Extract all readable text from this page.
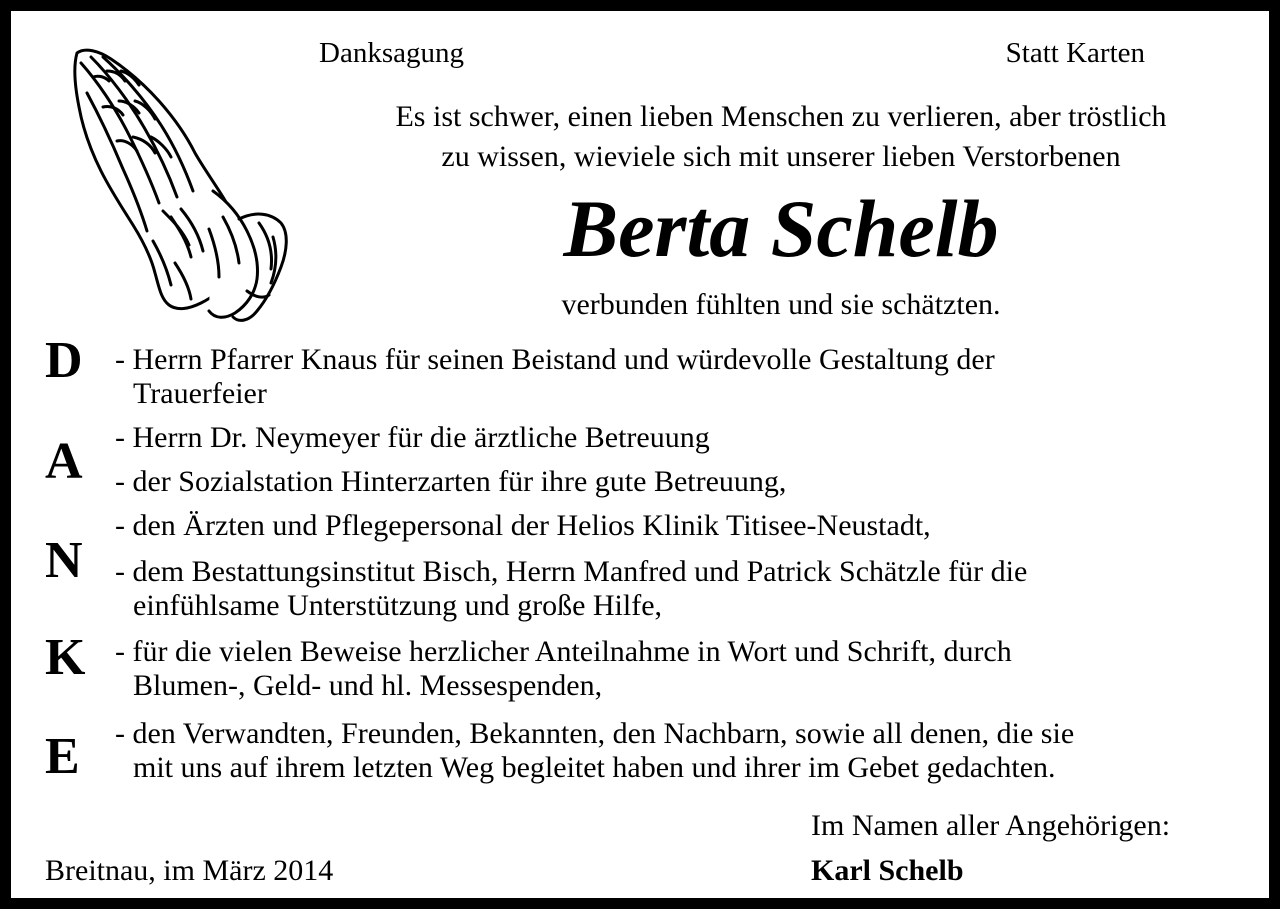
Danksagung	Statt Karten
Es ist schwer, einen lieben Menschen zu verlieren, aber tröstlich
zu wissen, wieviele sich mit unserer lieben Verstorbenen
Berta Schelb
verbunden fühlten und sie schätzten.
D
A
N
K
E
- Herrn Pfarrer Knaus für seinen Beistand und würdevolle Gestaltung der
Trauerfeier
- Herrn Dr. Neymeyer für die ärztliche Betreuung
- der Sozialstation Hinterzarten für ihre gute Betreuung,
- den Ärzten und Pflegepersonal der Helios Klinik Titisee-Neustadt,
- dem Bestattungsinstitut Bisch, Herrn Manfred und Patrick Schätzle für die
einfühlsame Unterstützung und große Hilfe,
- für die vielen Beweise herzlicher Anteilnahme in Wort und Schrift, durch
Blumen-, Geld- und hl. Messespenden,
- den Verwandten, Freunden, Bekannten, den Nachbarn, sowie all denen, die sie
mit uns auf ihrem letzten Weg begleitet haben und ihrer im Gebet gedachten.
Im Namen aller Angehörigen:
Karl Schelb
Breitnau, im März 2014
